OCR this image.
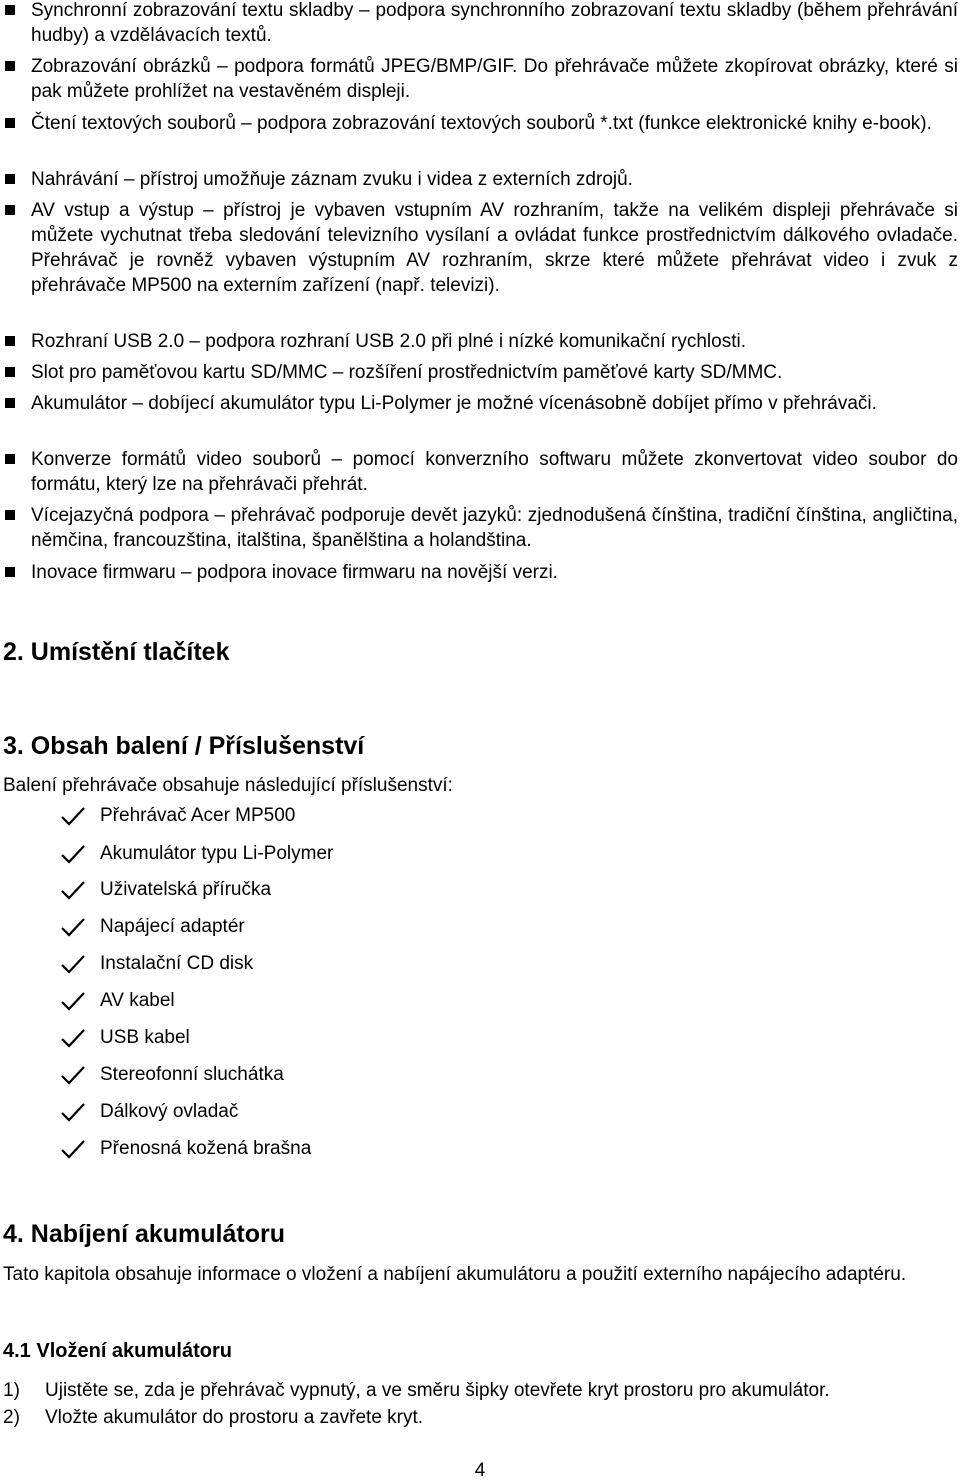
Synchronní zobrazování textu skladby – podpora synchronního zobrazovaní textu skladby (během přehrávání hudby) a vzdělávacích textů.
Zobrazování obrázků – podpora formátů JPEG/BMP/GIF. Do přehrávače můžete zkopírovat obrázky, které si pak můžete prohlížet na vestavěném displeji.
Čtení textových souborů – podpora zobrazování textových souborů *.txt (funkce elektronické knihy e-book).
Nahrávání – přístroj umožňuje záznam zvuku i videa z externích zdrojů.
AV vstup a výstup – přístroj je vybaven vstupním AV rozhraním, takže na velikém displeji přehrávače si můžete vychutnat třeba sledování televizního vysílaní a ovládat funkce prostřednictvím dálkového ovladače. Přehrávač je rovněž vybaven výstupním AV rozhraním, skrze které můžete přehrávat video i zvuk z přehrávače MP500 na externím zařízení (např. televizi).
Rozhraní USB 2.0 – podpora rozhraní USB 2.0 při plné i nízké komunikační rychlosti.
Slot pro paměťovou kartu SD/MMC – rozšíření prostřednictvím paměťové karty SD/MMC.
Akumulátor – dobíjecí akumulátor typu Li-Polymer je možné vícenásobně dobíjet přímo v přehrávači.
Konverze formátů video souborů – pomocí konverzního softwaru můžete zkonvertovat video soubor do formátu, který lze na přehrávači přehrát.
Vícejazyčná podpora – přehrávač podporuje devět jazyků: zjednodušená čínština, tradiční čínština, angličtina, němčina, francouzština, italština, španělština a holandština.
Inovace firmwaru – podpora inovace firmwaru na novější verzi.
2. Umístění tlačítek
3. Obsah balení / Příslušenství

Balení přehrávače obsahuje následující příslušenství:

Přehrávač Acer MP500
Akumulátor typu Li-Polymer
Uživatelská příručka
Napájecí adaptér
Instalační CD disk
AV kabel
USB kabel
Stereofonní sluchátka
Dálkový ovladač
Přenosná kožená brašna
4. Nabíjení akumulátoru

Tato kapitola obsahuje informace o vložení a nabíjení akumulátoru a použití externího napájecího adaptéru.

4.1 Vložení akumulátoru
1) Ujistěte se, zda je přehrávač vypnutý, a ve směru šipky otevřete kryt prostoru pro akumulátor.
2) Vložte akumulátor do prostoru a zavřete kryt.
4
